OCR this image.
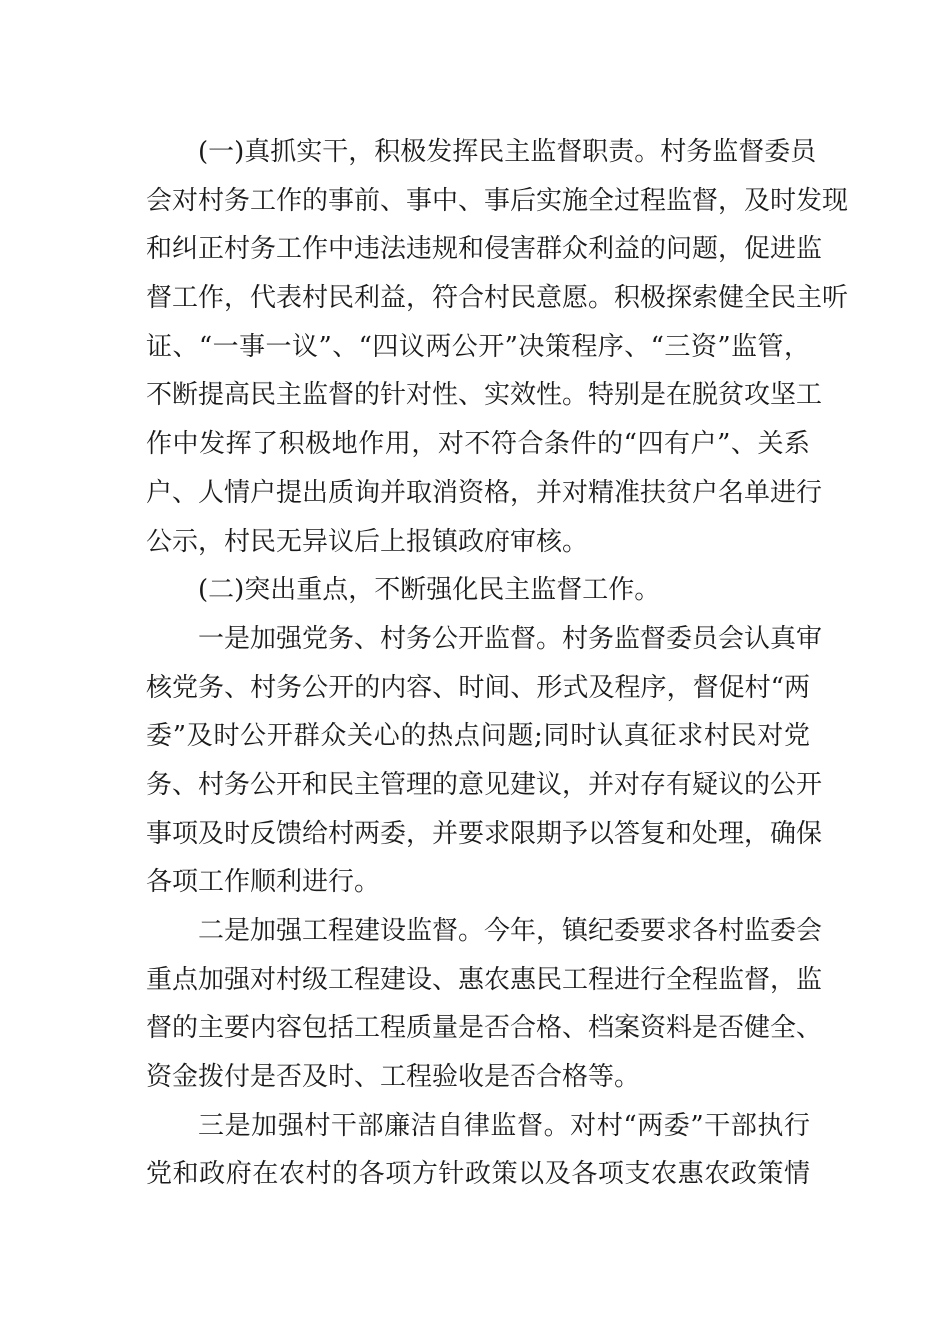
(一)真抓实干，积极发挥民主监督职责。村务监督委员
会对村务工作的事前、事中、事后实施全过程监督，及时发现
和纠正村务工作中违法违规和侵害群众利益的问题，促进监
督工作，代表村民利益，符合村民意愿。积极探索健全民主听
证、“一事一议”、“四议两公开”决策程序、“三资”监管，
不断提高民主监督的针对性、实效性。特别是在脱贫攻坚工
作中发挥了积极地作用，对不符合条件的“四有户”、关系
户、人情户提出质询并取消资格，并对精准扶贫户名单进行
公示，村民无异议后上报镇政府审核。
(二)突出重点，不断强化民主监督工作。
一是加强党务、村务公开监督。村务监督委员会认真审
核党务、村务公开的内容、时间、形式及程序，督促村“两
委”及时公开群众关心的热点问题;同时认真征求村民对党
务、村务公开和民主管理的意见建议，并对存有疑议的公开
事项及时反馈给村两委，并要求限期予以答复和处理，确保
各项工作顺利进行。
二是加强工程建设监督。今年，镇纪委要求各村监委会
重点加强对村级工程建设、惠农惠民工程进行全程监督，监
督的主要内容包括工程质量是否合格、档案资料是否健全、
资金拨付是否及时、工程验收是否合格等。
三是加强村干部廉洁自律监督。对村“两委”干部执行
党和政府在农村的各项方针政策以及各项支农惠农政策情
